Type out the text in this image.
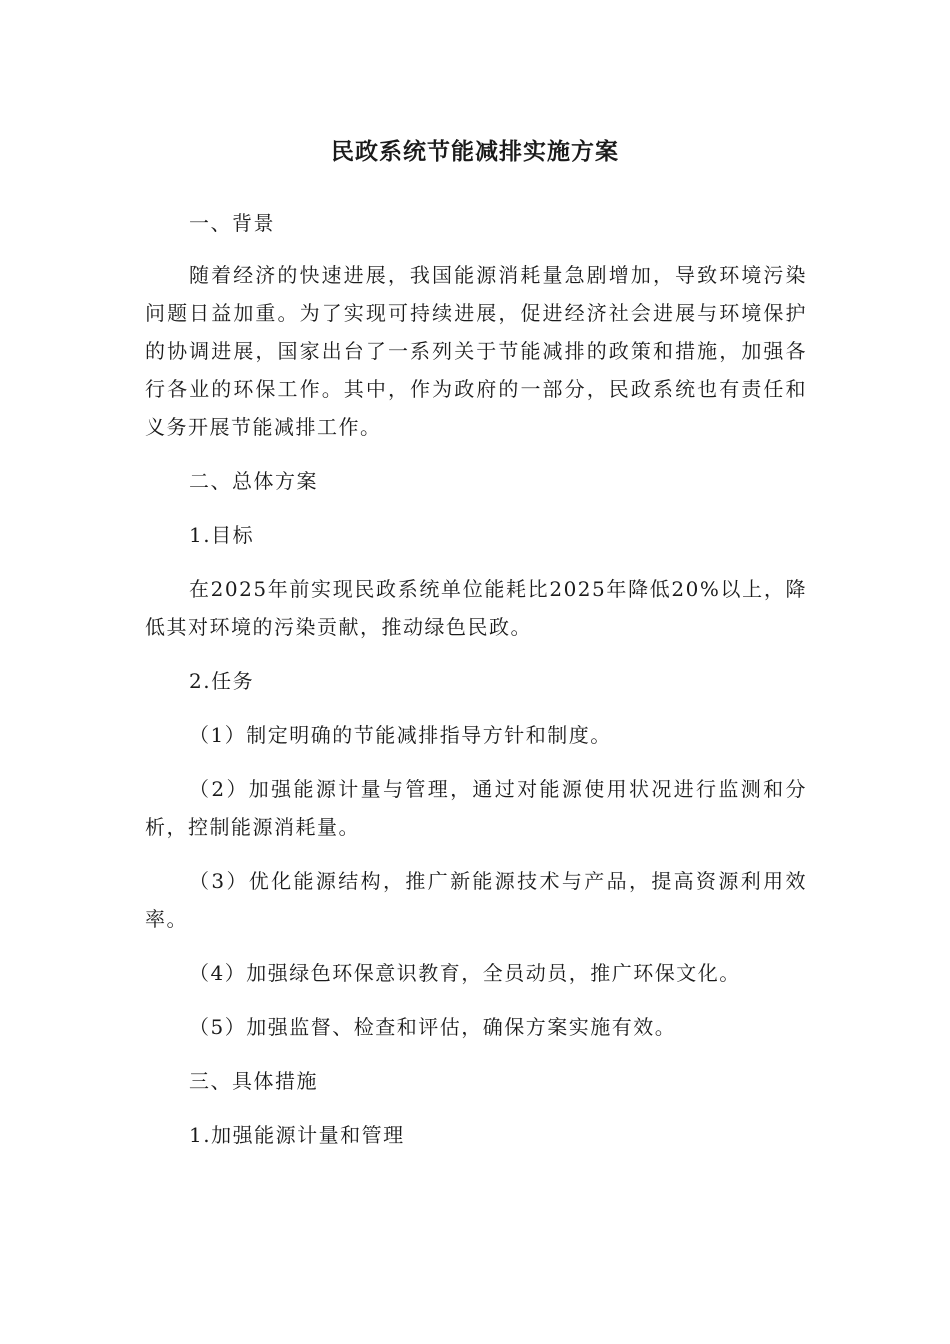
民政系统节能减排实施方案

一、背景

随着经济的快速进展，我国能源消耗量急剧增加，导致环境污染问题日益加重。为了实现可持续进展，促进经济社会进展与环境保护的协调进展，国家出台了一系列关于节能减排的政策和措施，加强各行各业的环保工作。其中，作为政府的一部分，民政系统也有责任和义务开展节能减排工作。

二、总体方案

1.目标

在2025年前实现民政系统单位能耗比2025年降低20%以上，降低其对环境的污染贡献，推动绿色民政。

2.任务

（1）制定明确的节能减排指导方针和制度。

（2）加强能源计量与管理，通过对能源使用状况进行监测和分析，控制能源消耗量。

（3）优化能源结构，推广新能源技术与产品，提高资源利用效率。

（4）加强绿色环保意识教育，全员动员，推广环保文化。

（5）加强监督、检查和评估，确保方案实施有效。

三、具体措施

1.加强能源计量和管理
